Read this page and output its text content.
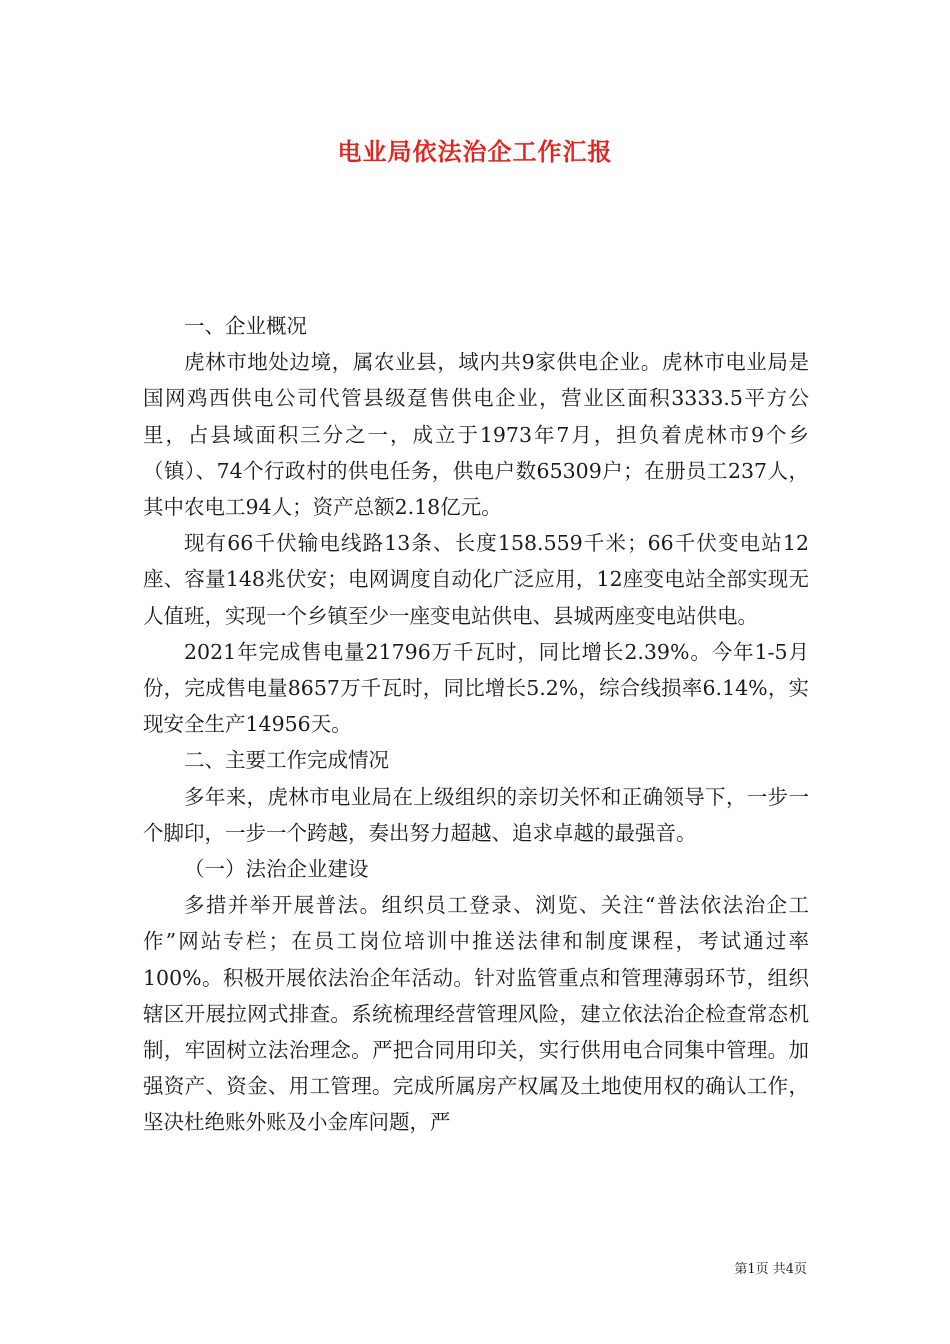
电业局依法治企工作汇报

一、企业概况

虎林市地处边境，属农业县，域内共9家供电企业。虎林市电业局是国网鸡西供电公司代管县级趸售供电企业，营业区面积3333.5平方公里，占县域面积三分之一，成立于1973年7月，担负着虎林市9个乡（镇）、74个行政村的供电任务，供电户数65309户；在册员工237人，其中农电工94人；资产总额2.18亿元。

现有66千伏输电线路13条、长度158.559千米；66千伏变电站12座、容量148兆伏安；电网调度自动化广泛应用，12座变电站全部实现无人值班，实现一个乡镇至少一座变电站供电、县城两座变电站供电。

2021年完成售电量21796万千瓦时，同比增长2.39%。今年1-5月份，完成售电量8657万千瓦时，同比增长5.2%，综合线损率6.14%，实现安全生产14956天。

二、主要工作完成情况

多年来，虎林市电业局在上级组织的亲切关怀和正确领导下，一步一个脚印，一步一个跨越，奏出努力超越、追求卓越的最强音。

（一）法治企业建设

多措并举开展普法。组织员工登录、浏览、关注“普法依法治企工作”网站专栏；在员工岗位培训中推送法律和制度课程，考试通过率100%。积极开展依法治企年活动。针对监管重点和管理薄弱环节，组织辖区开展拉网式排查。系统梳理经营管理风险，建立依法治企检查常态机制，牢固树立法治理念。严把合同用印关，实行供用电合同集中管理。加强资产、资金、用工管理。完成所属房产权属及土地使用权的确认工作，坚决杜绝账外账及小金库问题，严

第1页 共4页
